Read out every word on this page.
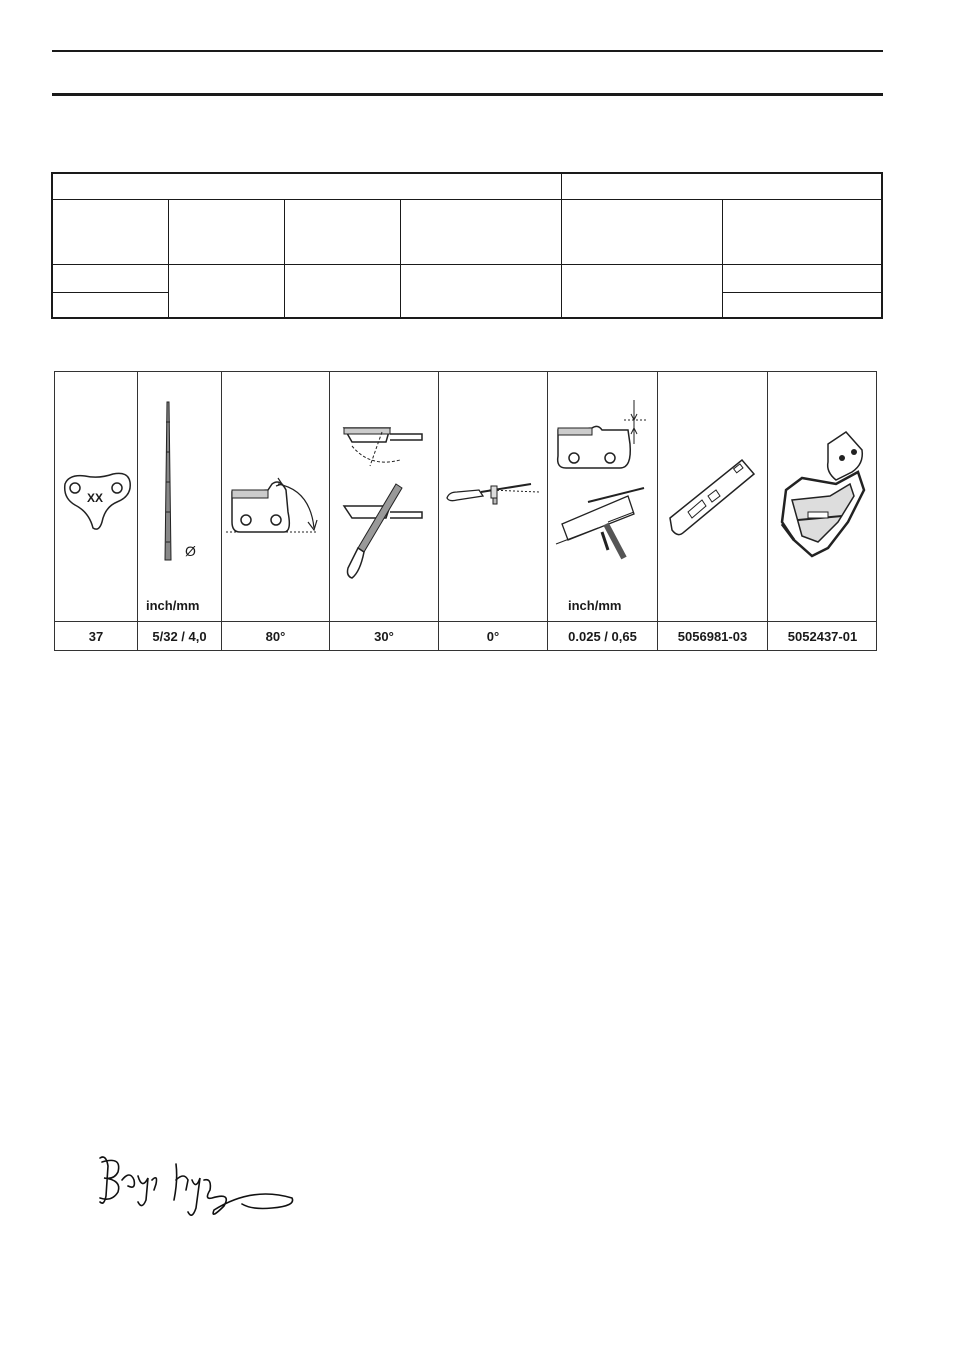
XX
Ø
inch/mm	inch/mm
37	5/32 / 4,0	80°	30°	0°	0.025 / 0,65	5056981-03	5052437-01
